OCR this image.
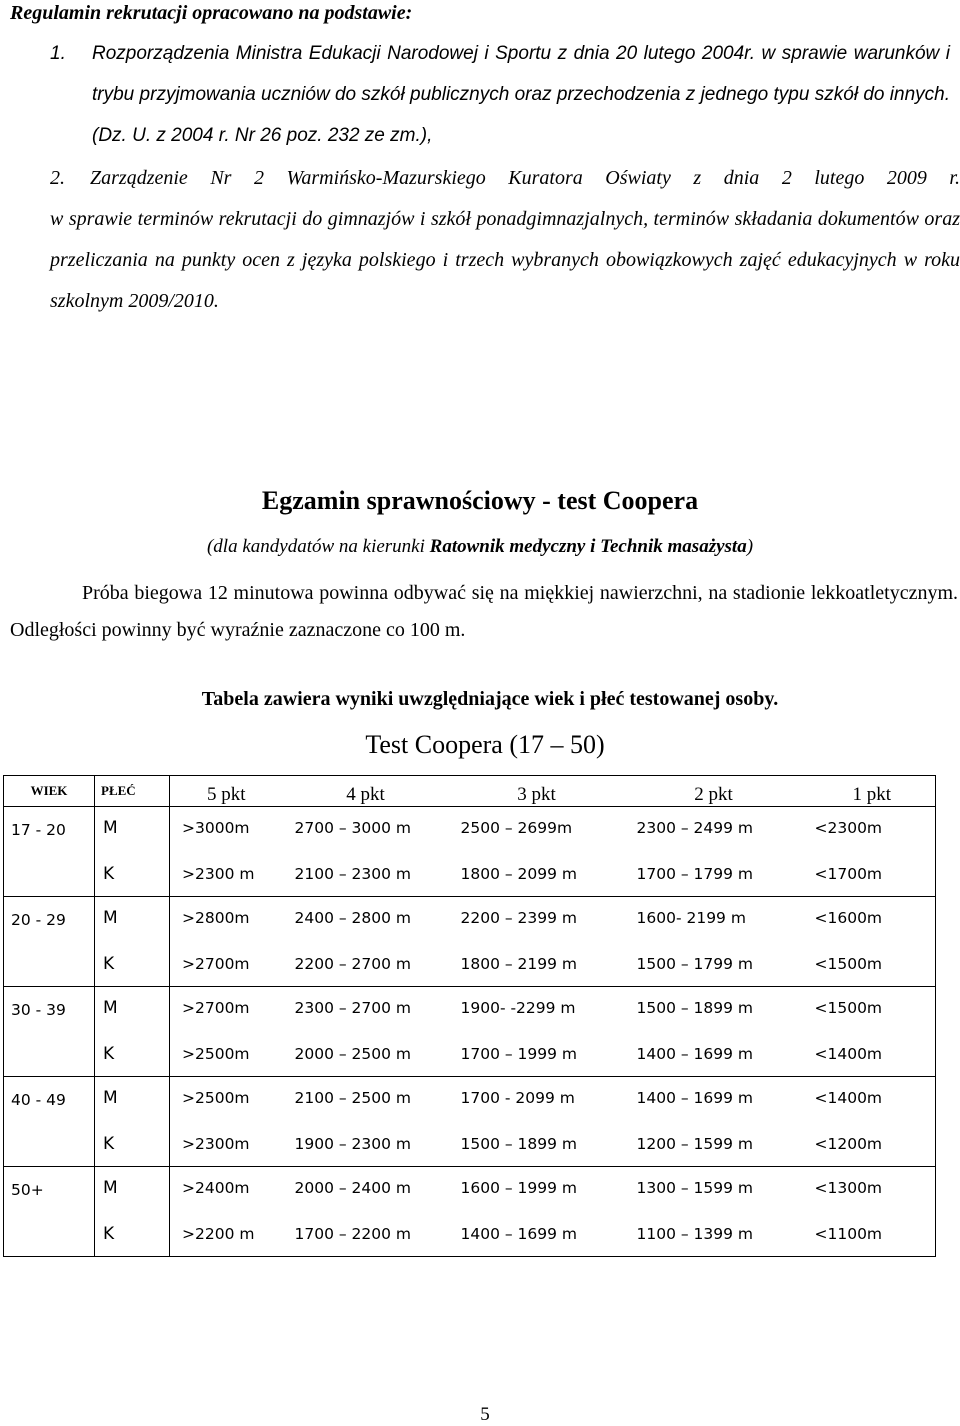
Regulamin rekrutacji opracowano na podstawie:
1. Rozporządzenia Ministra Edukacji Narodowej i Sportu z dnia 20 lutego 2004r. w sprawie warunków i trybu przyjmowania uczniów do szkół publicznych oraz przechodzenia z jednego typu szkół do innych. (Dz. U. z 2004 r. Nr 26 poz. 232 ze zm.),
2. Zarządzenie Nr 2 Warmińsko-Mazurskiego Kuratora Oświaty z dnia 2 lutego 2009 r.
w sprawie terminów rekrutacji do gimnazjów i szkół ponadgimnazjalnych, terminów składania dokumentów oraz przeliczania na punkty ocen z języka polskiego i trzech wybranych obowiązkowych zajęć edukacyjnych w roku szkolnym 2009/2010.
Egzamin sprawnościowy - test Coopera
(dla kandydatów na kierunki Ratownik medyczny i Technik masażysta)
Próba biegowa 12 minutowa powinna odbywać się na miękkiej nawierzchni, na stadionie lekkoatletycznym. Odległości powinny być wyraźnie zaznaczone co 100 m.
Tabela zawiera wyniki uwzględniające wiek i płeć testowanej osoby.
Test Coopera (17 – 50)
WIEK	PŁEĆ	5 pkt	4 pkt	3 pkt	2 pkt	1 pkt
17 - 20	M	>3000m	2700 – 3000 m	2500 – 2699m	2300 – 2499 m	<2300m
	K	>2300 m	2100 – 2300 m	1800 – 2099 m	1700 – 1799 m	<1700m
20 - 29	M	>2800m	2400 – 2800 m	2200 – 2399 m	1600- 2199 m	<1600m
	K	>2700m	2200 – 2700 m	1800 – 2199 m	1500 – 1799 m	<1500m
30 - 39	M	>2700m	2300 – 2700 m	1900- -2299 m	1500 – 1899 m	<1500m
	K	>2500m	2000 – 2500 m	1700 – 1999 m	1400 – 1699 m	<1400m
40 - 49	M	>2500m	2100 – 2500 m	1700 - 2099 m	1400 – 1699 m	<1400m
	K	>2300m	1900 – 2300 m	1500 – 1899 m	1200 – 1599 m	<1200m
50+	M	>2400m	2000 – 2400 m	1600 – 1999 m	1300 – 1599 m	<1300m
	K	>2200 m	1700 – 2200 m	1400 – 1699 m	1100 – 1399 m	<1100m
5
